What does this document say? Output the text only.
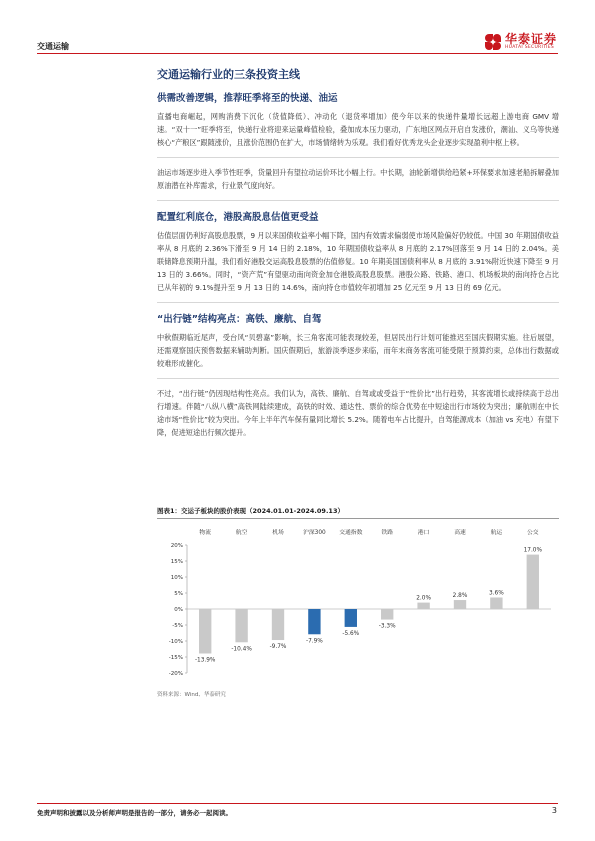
交通运输
华泰证券
HUATAI SECURITIES
交通运输行业的三条投资主线
供需改善逻辑，推荐旺季将至的快递、油运

直播电商崛起，网购消费下沉化（货值降低）、冲动化（退货率增加）使今年以来的快递件量增长远超上游电商 GMV 增速。“双十一”旺季将至，快递行业将迎来运量峰值检验，叠加成本压力驱动，广东地区网点开启自发涨价，潮汕、义乌等快递核心“产粮区”跟随涨价，且涨价范围仍在扩大，市场情绪转为乐观。我们看好优秀龙头企业逐步实现盈利中枢上移。

油运市场逐步进入季节性旺季，货量回升有望拉动运价环比小幅上行。中长期，油轮新增供给趋紧+环保要求加速老船拆解叠加原油潜在补库需求，行业景气度向好。

配置红利底仓，港股高股息估值更受益

估值层面仍利好高股息股票，9 月以来国债收益率小幅下降，国内有效需求偏弱使市场风险偏好仍较低。中国 30 年期国债收益率从 8 月底的 2.36%下滑至 9 月 14 日的 2.18%，10 年期国债收益率从 8 月底的 2.17%回落至 9 月 14 日的 2.04%。美联储降息预期升温，我们看好港股交运高股息股票的估值修复。10 年期美国国债利率从 8 月底的 3.91%附近快速下降至 9 月 13 日的 3.66%。同时，“资产荒”有望驱动南向资金加仓港股高股息股票。港股公路、铁路、港口、机场板块的南向持仓占比已从年初的 9.1%提升至 9 月 13 日的 14.6%，南向持仓市值较年初增加 25 亿元至 9 月 13 日的 69 亿元。

“出行链”结构亮点：高铁、廉航、自驾

中秋假期临近尾声，受台风“贝碧嘉”影响，长三角客流可能表现较差，但居民出行计划可能推迟至国庆假期实施。往后展望，还需观察国庆预售数据来辅助判断。国庆假期后，旅游淡季逐步来临，而年末商务客流可能受限于预算约束，总体出行数据或较难形成催化。

不过，“出行链”仍因现结构性亮点。我们认为，高铁、廉航、自驾或或受益于“性价比”出行趋势，其客流增长或持续高于总出行增速。伴随“八纵八横”高铁网陆续建成，高铁的时效、通达性、票价的综合优势在中短途出行市场较为突出；廉航则在中长途市场“性价比”较为突出。今年上半年汽车保有量同比增长 5.2%。随着电车占比提升，自驾能源成本（加油 vs 充电）有望下降，促进短途出行频次提升。

图表1：交运子板块的股价表现（2024.01.01-2024.09.13）
-20%
-15%
-10%
-5%
0%
5%
10%
15%
20%
物流
-13.9%
航空
-10.4%
机场
-9.7%
沪深300
-7.9%
交通指数
-5.6%
铁路
-3.3%
港口
2.0%
高速
2.8%
航运
3.6%
公交
17.0%
资料来源：Wind、华泰研究
免责声明和披露以及分析师声明是报告的一部分，请务必一起阅读。	3
